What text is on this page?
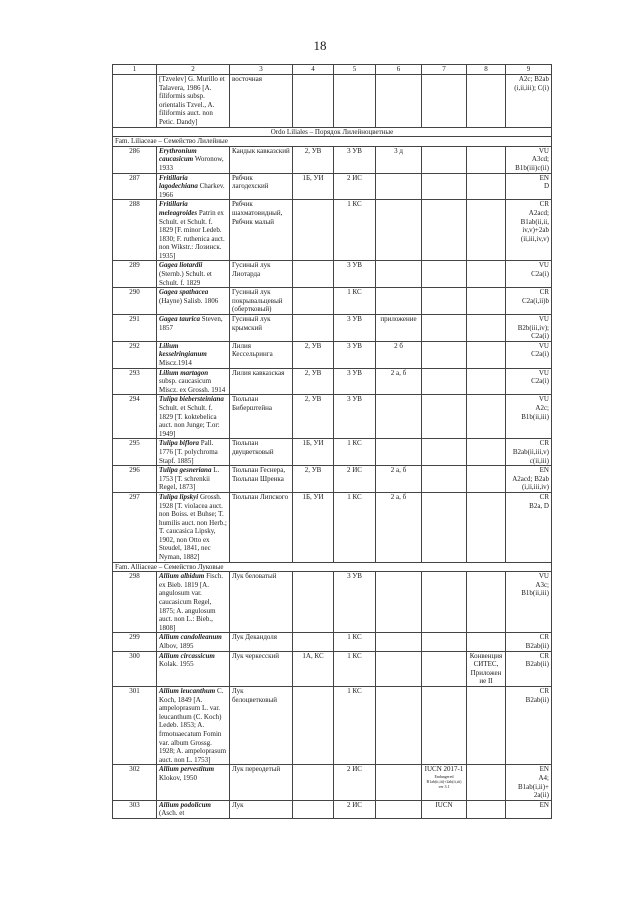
18
1	2	3	4	5	6	7	8	9
	[Tzvelev] G. Murillo et Talavera, 1986 [A. filiformis subsp. orientalis Tzvel., A. filiformis auct. non Petic. Dandy]	восточная						A2c; B2ab (i,ii,iii); C(i)
Ordo Liliales – Порядок Лилейноцветные								
Fam. Liliaceae – Семейство Лилейные								
286	Erythronium caucasicum Woronow, 1933	Кандык кавказский	2, УВ	3 УВ	3 д			VU
A3cd;
B1b(iii)c(ii)

287	Fritillaria lagodechiana Charkev. 1966	Рябчик лагодехский	1Б, УИ	2 ИС				EN
D

288	Fritillaria meleagroides Patrin ex Schult. et Schult. f. 1829 [F. minor Ledeb. 1830; F. ruthenica auct. non Wikstr.: Лозинск. 1935]	Рябчик шахматовидный, Рябчик малый		1 КС				CR
A2acd; B1ab(ii,ii,
iv,v)+2ab
(ii,iii,iv,v)

289	Gagea liotardii (Sternb.) Schult. et Schult. f. 1829	Гусиный лук Лиотарда		3 УВ				VU
C2a(i)

290	Gagea spathacea (Hayne) Salisb. 1806	Гусиный лук покрывальцевый (обертковый)		1 КС				CR
C2a(i,ii)b

291	Gagea taurica Steven, 1857	Гусиный лук крымский		3 УВ	приложение			VU
B2b(iii,iv);
C2a(i)

292	Lilium kesselringianum Miscz.1914	Лилия Кессельринга	2, УВ	3 УВ	2 б			VU
C2a(i)

293	Lilium martagon subsp. caucasicum Miscz. ex Grossh. 1914	Лилия кавказская	2, УВ	3 УВ	2 а, б			VU
C2a(i)

294	Tulipa biebersteiniana Schult. et Schult. f. 1829 [T. koktebelica auct. non Junge; T.or: 1949]	Тюльпан Биберштейна	2, УВ	3 УВ				VU
A2c;
B1b(ii,iii)

295	Tulipa biflora Pall. 1776 [T. polychroma Stapf. 1885]	Тюльпан двуцветковый	1Б, УИ	1 КС				CR
B2ab(ii,iii,v)
c(ii,iii)

296	Tulipa gesneriana L. 1753 [T. schrenkii Regel, 1873]	Тюльпан Геснера, Тюльпан Шренка	2, УВ	2 ИС	2 а, б			EN
A2acd; B2ab
(i,ii,iii,iv)

297	Tulipa lipskyi Grossh. 1928 [T. violacea auct. non Boiss. et Buhse; T. humilis auct. non Herb.; T. caucasica Lipsky, 1902, non Otto ex Steudel, 1841, nec Nyman, 1882]	Тюльпан Липского	1Б, УИ	1 КС	2 а, б			CR
B2a, D

Fam. Alliaceae – Семейство Луковые								
298	Allium albidum Fisch. ex Bieb. 1819 [A. angulosum var. caucasicum Regel, 1875; A. angulosum auct. non L.: Bieb., 1808]	Лук беловатый		3 УВ				VU
A3c;
B1b(ii,iii)

299	Allium candolleanum Albov, 1895	Лук Декандоля		1 КС				CR
B2ab(ii)

300	Allium circassicum Kolak. 1955	Лук черкесский	1А, КС	1 КС			Конвенция СИТЕС, Приложение II	CR
B2ab(ii)

301	Allium leucanthum C. Koch, 1849 [A. ampeloprasum L. var. leucanthum (C. Koch) Ledeb. 1853; A. frmotuaecatum Fomin var. album Grossg. 1928; A. ampeloprasum auct. non L. 1753]	Лук белоцветковый		1 КС				CR
B2ab(ii)

302	Allium pervestitum Klokov, 1950	Лук переодетый		2 ИС		IUCN 2017-1
Endangered B1ab(ii,iii)+2ab(ii,iii) ver 3.1		EN
A4; B1ab(i,ii)+
2a(ii)

303	Allium podolicum (Asch. et	Лук		2 ИС		IUCN		EN
